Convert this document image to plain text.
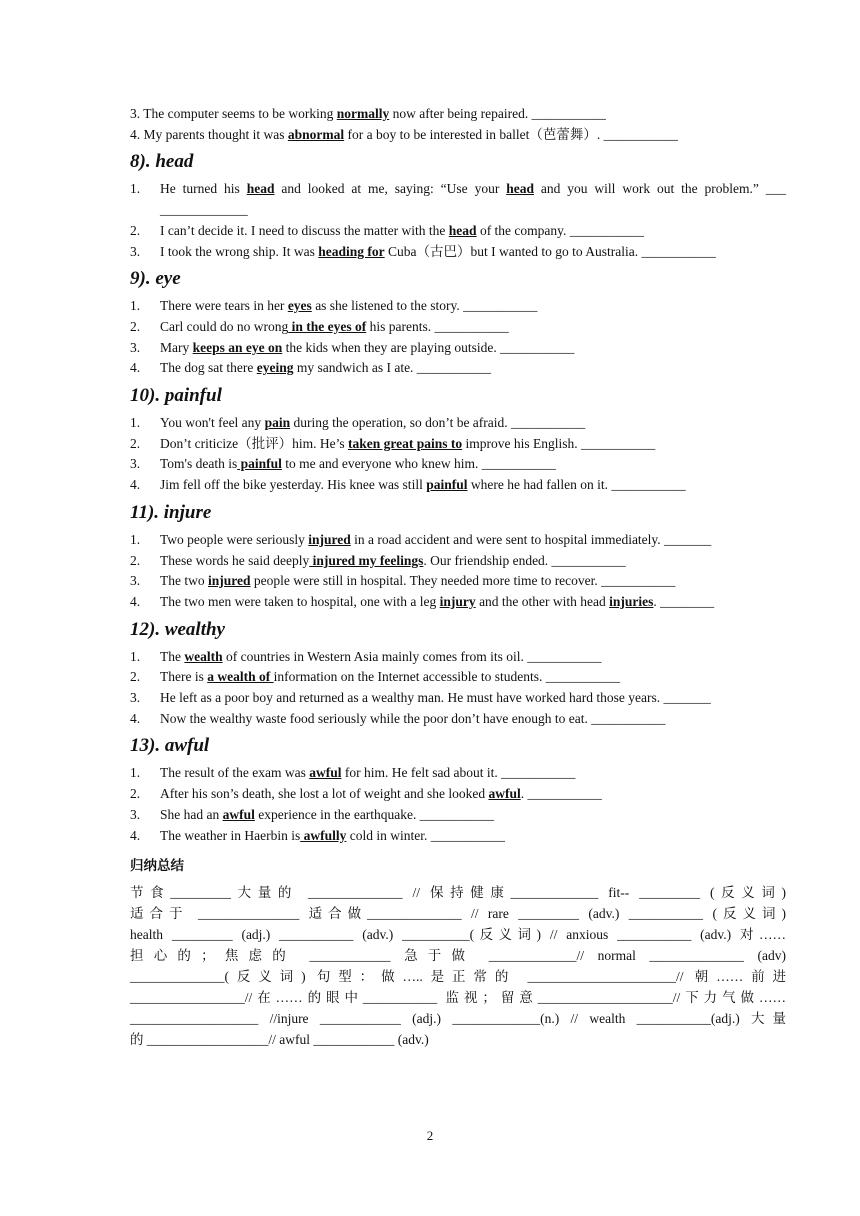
3. The computer seems to be working normally now after being repaired. ___________
4. My parents thought it was abnormal for a boy to be interested in ballet（芭蕾舞）. ___________
8). head
1.	He turned his head and looked at me, saying: “Use your head and you will work out the problem.” ___ _____________
2.	I can’t decide it. I need to discuss the matter with the head of the company. ___________
3.	I took the wrong ship. It was heading for Cuba（古巴）but I wanted to go to Australia. ___________
9). eye
1.	There were tears in her eyes as she listened to the story. ___________
2.	Carl could do no wrong in the eyes of his parents. ___________
3.	Mary keeps an eye on the kids when they are playing outside. ___________
4.	The dog sat there eyeing my sandwich as I ate. ___________
10). painful
1.	You won't feel any pain during the operation, so don’t be afraid. ___________
2.	Don’t criticize（批评）him. He’s taken great pains to improve his English. ___________
3.	Tom's death is painful to me and everyone who knew him. ___________
4.	Jim fell off the bike yesterday. His knee was still painful where he had fallen on it. ___________
11). injure
1.	Two people were seriously injured in a road accident and were sent to hospital immediately. _______
2.	These words he said deeply injured my feelings. Our friendship ended. ___________
3.	The two injured people were still in hospital. They needed more time to recover. ___________
4.	The two men were taken to hospital, one with a leg injury and the other with head injuries. ________
12). wealthy
1.	The wealth of countries in Western Asia mainly comes from its oil. ___________
2.	There is a wealth of information on the Internet accessible to students. ___________
3.	He left as a poor boy and returned as a wealthy man. He must have worked hard those years. _______
4.	Now the wealthy waste food seriously while the poor don’t have enough to eat. ___________
13). awful
1.	The result of the exam was awful for him. He felt sad about it. ___________
2.	After his son’s death, she lost a lot of weight and she looked awful. ___________
3.	She had an awful experience in the earthquake. ___________
4.	The weather in Haerbin is awfully cold in winter. ___________
归纳总结

节食_________大量的 ______________ // 保持健康_____________ fit-- _________ (反义词)

适合于 _______________ 适合做______________ // rare _________ (adv.) ___________ (反义词)

health _________ (adj.) ___________ (adv.) __________(反义词) // anxious ___________ (adv.) 对……

担心的；焦虑的 ____________ 急于做 _____________// normal ______________ (adv)

______________(反义词) 句型：做…..是正常的 ______________________// 朝……前进

_________________//在……的眼中___________ 监视；留意____________________//下力气做……

___________________ //injure ____________ (adj.) _____________(n.) // wealth ___________(adj.) 大量

的 __________________// awful ____________ (adv.)

2
